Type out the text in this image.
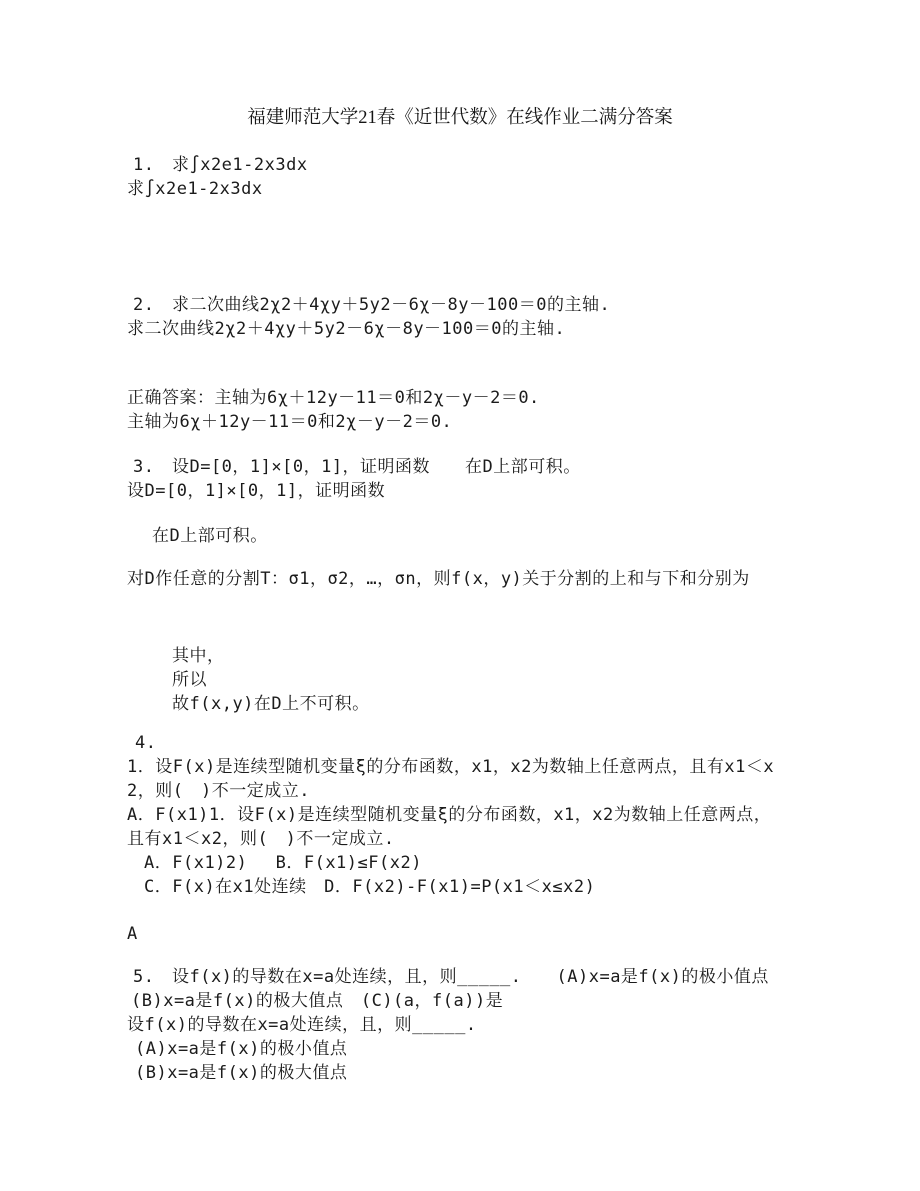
福建师范大学21春《近世代数》在线作业二满分答案
1.　求∫x2e1-2x3dx
求∫x2e1-2x3dx
2.　求二次曲线2χ2＋4χy＋5y2－6χ－8y－100＝0的主轴.
求二次曲线2χ2＋4χy＋5y2－6χ－8y－100＝0的主轴.
正确答案：主轴为6χ＋12y－11＝0和2χ－y－2＝0.
主轴为6χ＋12y－11＝0和2χ－y－2＝0.
3.　设D=[0，1]×[0，1]，证明函数　　在D上部可积。
设D=[0，1]×[0，1]，证明函数
在D上部可积。
对D作任意的分割T：σ1，σ2，…，σn，则f(x，y)关于分割的上和与下和分别为
其中，
所以
故f(x,y)在D上不可积。
4.
1．设F(x)是连续型随机变量ξ的分布函数，x1，x2为数轴上任意两点，且有x1＜x
2，则(　)不一定成立.
A．F(x1)1．设F(x)是连续型随机变量ξ的分布函数，x1，x2为数轴上任意两点，
且有x1＜x2，则(　)不一定成立.
A．F(x1)2)　 B．F(x1)≤F(x2)
C．F(x)在x1处连续　D．F(x2)-F(x1)=P(x1＜x≤x2)
A
5.　设f(x)的导数在x=a处连续，且，则_____.　　(A)x=a是f(x)的极小值点
(B)x=a是f(x)的极大值点　(C)(a，f(a))是
设f(x)的导数在x=a处连续，且，则_____.
(A)x=a是f(x)的极小值点
(B)x=a是f(x)的极大值点
